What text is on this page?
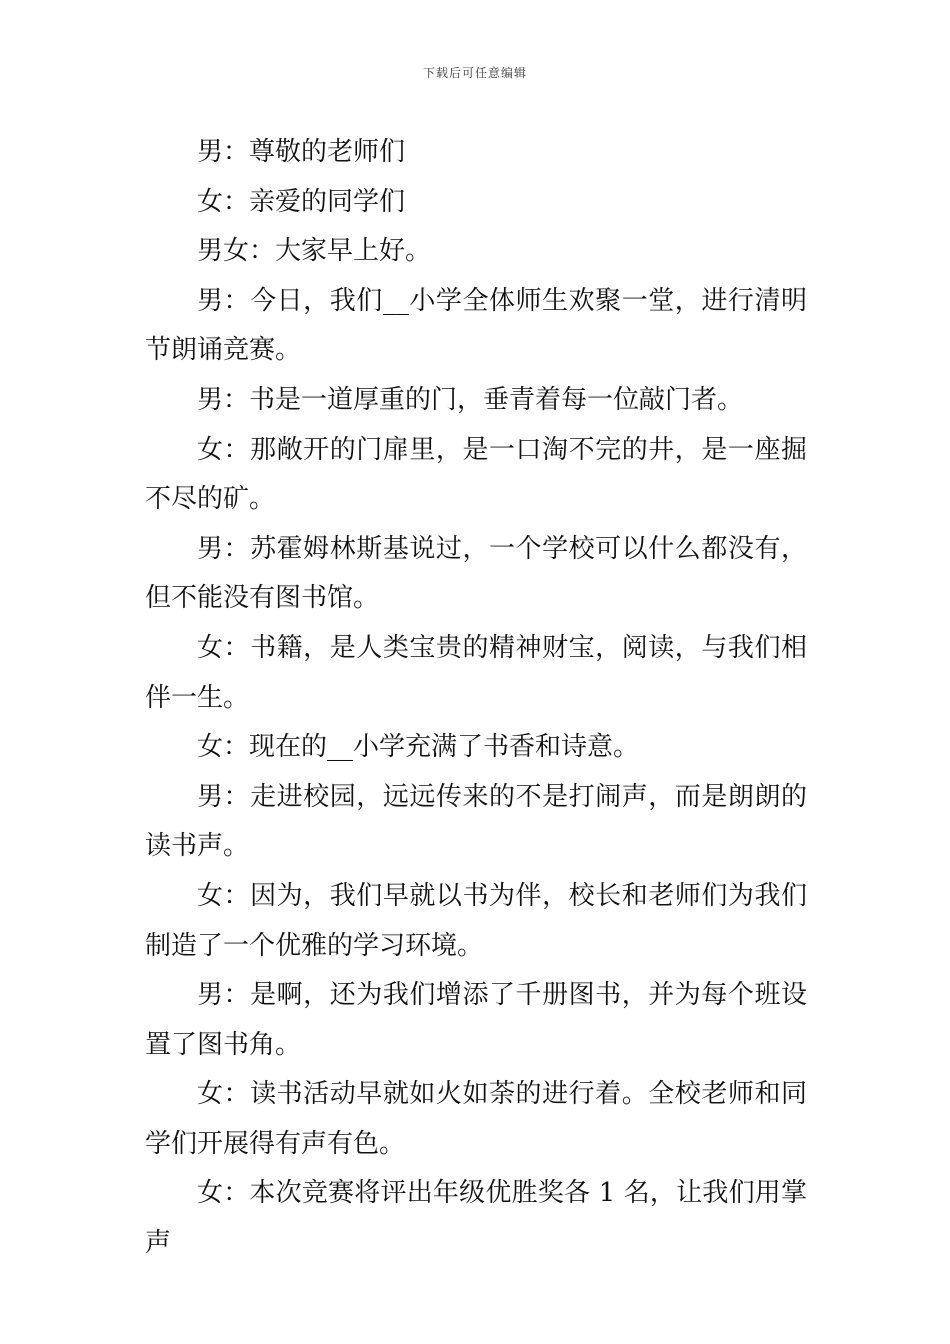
下载后可任意编辑

男：尊敬的老师们

女：亲爱的同学们

男女：大家早上好。

男：今日，我们__小学全体师生欢聚一堂，进行清明节朗诵竞赛。

男：书是一道厚重的门，垂青着每一位敲门者。

女：那敞开的门扉里，是一口淘不完的井，是一座掘不尽的矿。

男：苏霍姆林斯基说过，一个学校可以什么都没有，但不能没有图书馆。

女：书籍，是人类宝贵的精神财宝，阅读，与我们相伴一生。

女：现在的__小学充满了书香和诗意。

男：走进校园，远远传来的不是打闹声，而是朗朗的读书声。

女：因为，我们早就以书为伴，校长和老师们为我们制造了一个优雅的学习环境。

男：是啊，还为我们增添了千册图书，并为每个班设置了图书角。

女：读书活动早就如火如荼的进行着。全校老师和同学们开展得有声有色。

女：本次竞赛将评出年级优胜奖各 1 名，让我们用掌声
